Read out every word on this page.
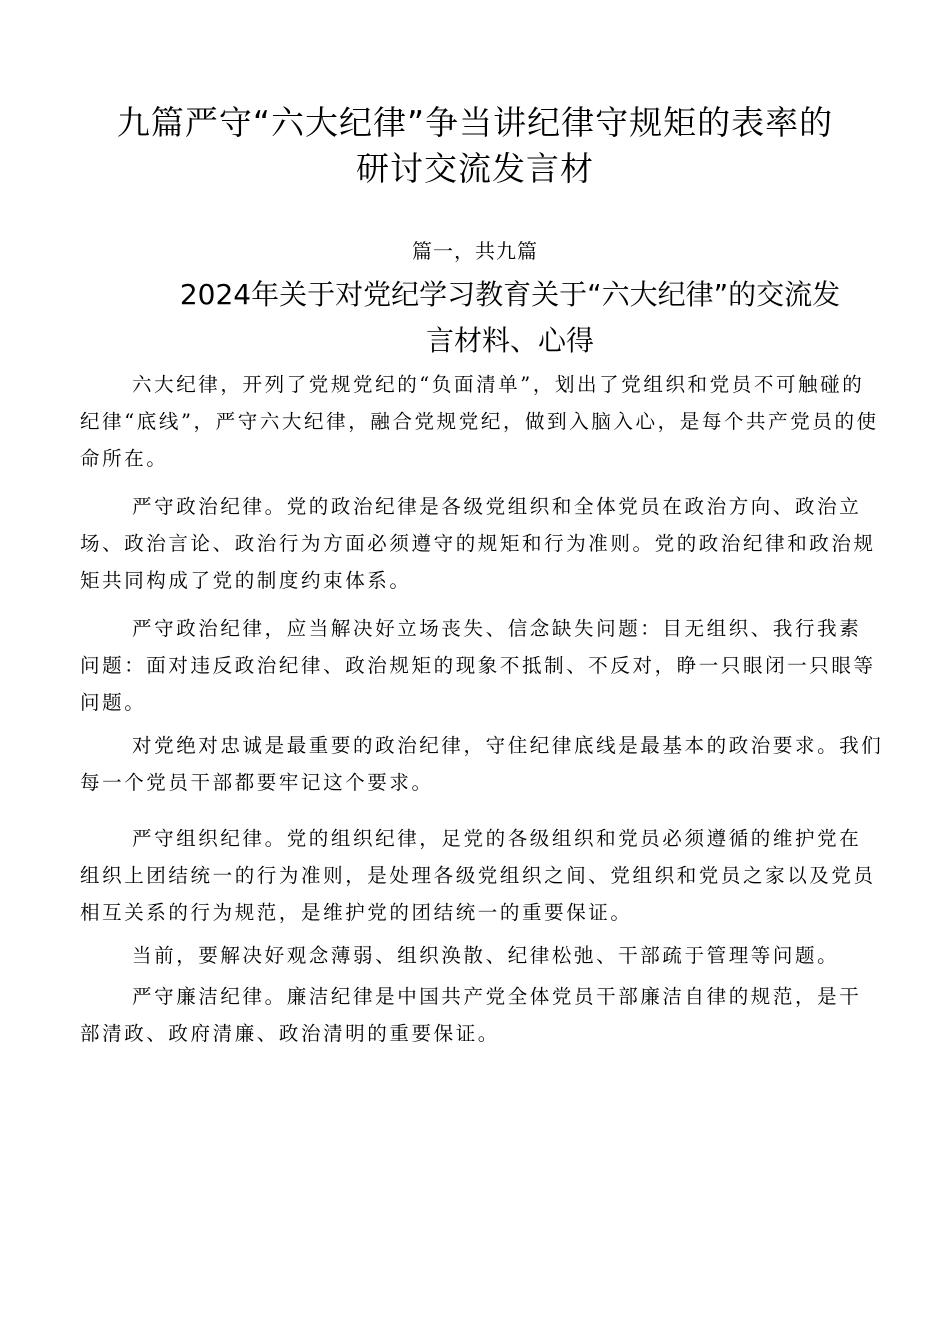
九篇严守“六大纪律”争当讲纪律守规矩的表率的
研讨交流发言材
篇一，共九篇
2024年关于对党纪学习教育关于“六大纪律”的交流发
言材料、心得

六大纪律，开列了党规党纪的“负面清单”，划出了党组织和党员不可触碰的纪律“底线”，严守六大纪律，融合党规党纪，做到入脑入心，是每个共产党员的使命所在。

严守政治纪律。党的政治纪律是各级党组织和全体党员在政治方向、政治立场、政治言论、政治行为方面必须遵守的规矩和行为准则。党的政治纪律和政治规矩共同构成了党的制度约束体系。

严守政治纪律，应当解决好立场丧失、信念缺失问题：目无组织、我行我素问题：面对违反政治纪律、政治规矩的现象不抵制、不反对，睁一只眼闭一只眼等问题。

对党绝对忠诚是最重要的政治纪律，守住纪律底线是最基本的政治要求。我们每一个党员干部都要牢记这个要求。

严守组织纪律。党的组织纪律，足党的各级组织和党员必须遵循的维护党在组织上团结统一的行为准则，是处理各级党组织之间、党组织和党员之家以及党员相互关系的行为规范，是维护党的团结统一的重要保证。

当前，要解决好观念薄弱、组织涣散、纪律松弛、干部疏于管理等问题。

严守廉洁纪律。廉洁纪律是中国共产党全体党员干部廉洁自律的规范，是干部清政、政府清廉、政治清明的重要保证。
